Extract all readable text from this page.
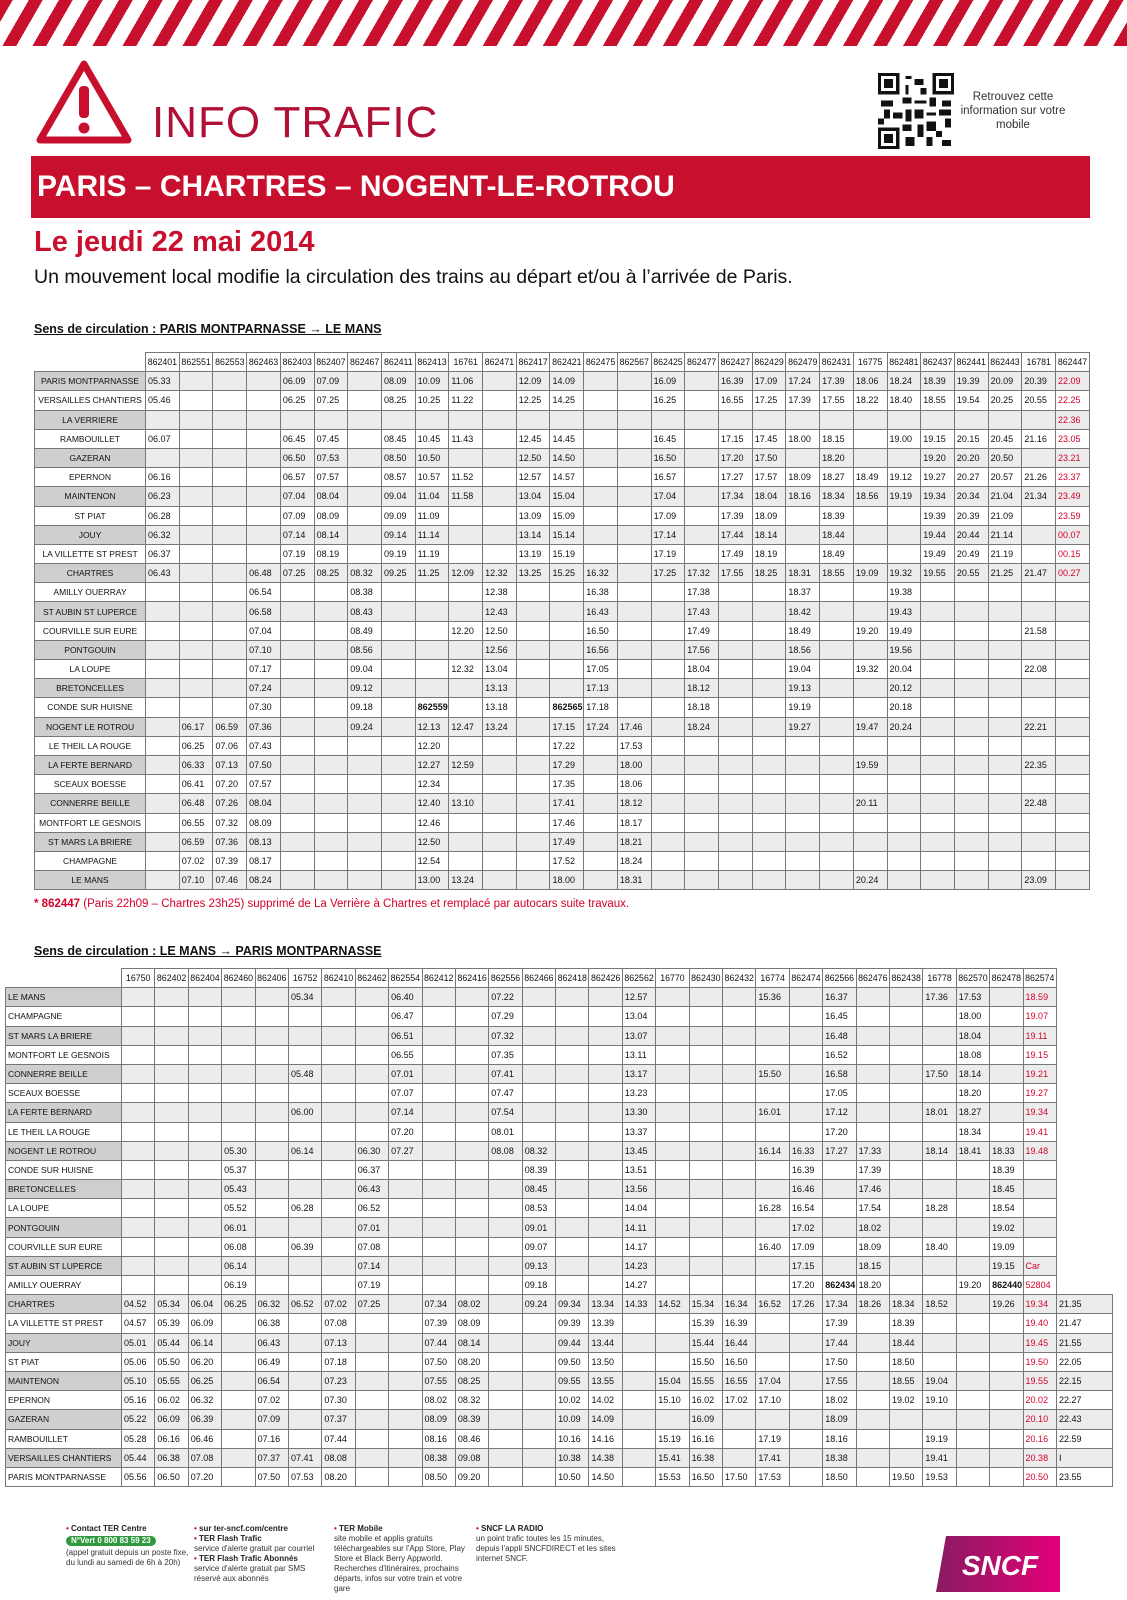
INFO TRAFIC
Retrouvez cette information sur votre mobile
PARIS – CHARTRES – NOGENT-LE-ROTROU
Le jeudi 22 mai 2014
Un mouvement local modifie la circulation des trains au départ et/ou à l’arrivée de Paris.
Sens de circulation : PARIS MONTPARNASSE → LE MANS
	862401	862551	862553	862463	862403	862407	862467	862411	862413	16761	862471	862417	862421	862475	862567	862425	862477	862427	862429	862479	862431	16775	862481	862437	862441	862443	16781	862447
PARIS MONTPARNASSE	05.33				06.09	07.09		08.09	10.09	11.06		12.09	14.09			16.09		16.39	17.09	17.24	17.39	18.06	18.24	18.39	19.39	20.09	20.39	22.09
VERSAILLES CHANTIERS	05.46				06.25	07.25		08.25	10.25	11.22		12.25	14.25			16.25		16.55	17.25	17.39	17.55	18.22	18.40	18.55	19.54	20.25	20.55	22.25
LA VERRIERE																												22.36
RAMBOUILLET	06.07				06.45	07.45		08.45	10.45	11.43		12.45	14.45			16.45		17.15	17.45	18.00	18.15		19.00	19.15	20.15	20.45	21.16	23.05
GAZERAN					06.50	07.53		08.50	10.50			12.50	14.50			16.50		17.20	17.50		18.20			19.20	20.20	20.50		23.21
EPERNON	06.16				06.57	07.57		08.57	10.57	11.52		12.57	14.57			16.57		17.27	17.57	18.09	18.27	18.49	19.12	19.27	20.27	20.57	21.26	23.37
MAINTENON	06.23				07.04	08.04		09.04	11.04	11.58		13.04	15.04			17.04		17.34	18.04	18.16	18.34	18.56	19.19	19.34	20.34	21.04	21.34	23.49
ST PIAT	06.28				07.09	08.09		09.09	11.09			13.09	15.09			17.09		17.39	18.09		18.39			19.39	20.39	21.09		23.59
JOUY	06.32				07.14	08.14		09.14	11.14			13.14	15.14			17.14		17.44	18.14		18.44			19.44	20.44	21.14		00.07
LA VILLETTE ST PREST	06.37				07.19	08.19		09.19	11.19			13.19	15.19			17.19		17.49	18.19		18.49			19.49	20.49	21.19		00.15
CHARTRES	06.43			06.48	07.25	08.25	08.32	09.25	11.25	12.09	12.32	13.25	15.25	16.32		17.25	17.32	17.55	18.25	18.31	18.55	19.09	19.32	19.55	20.55	21.25	21.47	00.27
AMILLY OUERRAY				06.54			08.38				12.38			16.38			17.38			18.37			19.38					
ST AUBIN ST LUPERCE				06.58			08.43				12.43			16.43			17.43			18.42			19.43					
COURVILLE SUR EURE				07.04			08.49			12.20	12.50			16.50			17.49			18.49		19.20	19.49				21.58	
PONTGOUIN				07.10			08.56				12.56			16.56			17.56			18.56			19.56					
LA LOUPE				07.17			09.04			12.32	13.04			17.05			18.04			19.04		19.32	20.04				22.08	
BRETONCELLES				07.24			09.12				13.13			17.13			18.12			19.13			20.12					
CONDE SUR HUISNE				07.30			09.18		862559		13.18		862565	17.18			18.18			19.19			20.18					
NOGENT LE ROTROU		06.17	06.59	07.36			09.24		12.13	12.47	13.24		17.15	17.24	17.46		18.24			19.27		19.47	20.24				22.21	
LE THEIL LA ROUGE		06.25	07.06	07.43					12.20				17.22		17.53													
LA FERTE BERNARD		06.33	07.13	07.50					12.27	12.59			17.29		18.00							19.59					22.35	
SCEAUX BOESSE		06.41	07.20	07.57					12.34				17.35		18.06													
CONNERRE BEILLE		06.48	07.26	08.04					12.40	13.10			17.41		18.12							20.11					22.48	
MONTFORT LE GESNOIS		06.55	07.32	08.09					12.46				17.46		18.17													
ST MARS LA BRIERE		06.59	07.36	08.13					12.50				17.49		18.21													
CHAMPAGNE		07.02	07.39	08.17					12.54				17.52		18.24													
LE MANS		07.10	07.46	08.24					13.00	13.24			18.00		18.31							20.24					23.09	
* 862447 (Paris 22h09 – Chartres 23h25) supprimé de La Verrière à Chartres et remplacé par autocars suite travaux.
Sens de circulation : LE MANS → PARIS MONTPARNASSE
	16750	862402	862404	862460	862406	16752	862410	862462	862554	862412	862416	862556	862466	862418	862426	862562	16770	862430	862432	16774	862474	862566	862476	862438	16778	862570	862478	862574	
LE MANS						05.34			06.40			07.22				12.57				15.36		16.37			17.36	17.53		18.59	
CHAMPAGNE									06.47			07.29				13.04						16.45				18.00		19.07	
ST MARS LA BRIERE									06.51			07.32				13.07						16.48				18.04		19.11	
MONTFORT LE GESNOIS									06.55			07.35				13.11						16.52				18.08		19.15	
CONNERRE BEILLE						05.48			07.01			07.41				13.17				15.50		16.58			17.50	18.14		19.21	
SCEAUX BOESSE									07.07			07.47				13.23						17.05				18.20		19.27	
LA FERTE BERNARD						06.00			07.14			07.54				13.30				16.01		17.12			18.01	18.27		19.34	
LE THEIL LA ROUGE									07.20			08.01				13.37						17.20				18.34		19.41	
NOGENT LE ROTROU				05.30		06.14		06.30	07.27			08.08	08.32			13.45				16.14	16.33	17.27	17.33		18.14	18.41	18.33	19.48	
CONDE SUR HUISNE				05.37				06.37					08.39			13.51					16.39		17.39				18.39		
BRETONCELLES				05.43				06.43					08.45			13.56					16.46		17.46				18.45		
LA LOUPE				05.52		06.28		06.52					08.53			14.04				16.28	16.54		17.54		18.28		18.54		
PONTGOUIN				06.01				07.01					09.01			14.11					17.02		18.02				19.02		
COURVILLE SUR EURE				06.08		06.39		07.08					09.07			14.17				16.40	17.09		18.09		18.40		19.09		
ST AUBIN ST LUPERCE				06.14				07.14					09.13			14.23					17.15		18.15				19.15	Car	
AMILLY OUERRAY				06.19				07.19					09.18			14.27					17.20	862434	18.20			19.20	862440	52804	
CHARTRES	04.52	05.34	06.04	06.25	06.32	06.52	07.02	07.25		07.34	08.02		09.24	09.34	13.34	14.33	14.52	15.34	16.34	16.52	17.26	17.34	18.26	18.34	18.52		19.26	19.34	21.35
LA VILLETTE ST PREST	04.57	05.39	06.09		06.38		07.08			07.39	08.09			09.39	13.39			15.39	16.39			17.39		18.39				19.40	21.47
JOUY	05.01	05.44	06.14		06.43		07.13			07.44	08.14			09.44	13.44			15.44	16.44			17.44		18.44				19.45	21.55
ST PIAT	05.06	05.50	06.20		06.49		07.18			07.50	08.20			09.50	13.50			15.50	16.50			17.50		18.50				19.50	22.05
MAINTENON	05.10	05.55	06.25		06.54		07.23			07.55	08.25			09.55	13.55		15.04	15.55	16.55	17.04		17.55		18.55	19.04			19.55	22.15
EPERNON	05.16	06.02	06.32		07.02		07.30			08.02	08.32			10.02	14.02		15.10	16.02	17.02	17.10		18.02		19.02	19.10			20.02	22.27
GAZERAN	05.22	06.09	06.39		07.09		07.37			08.09	08.39			10.09	14.09			16.09				18.09						20.10	22.43
RAMBOUILLET	05.28	06.16	06.46		07.16		07.44			08.16	08.46			10.16	14.16		15.19	16.16		17.19		18.16			19.19			20.16	22.59
VERSAILLES CHANTIERS	05.44	06.38	07.08		07.37	07.41	08.08			08.38	09.08			10.38	14.38		15.41	16.38		17.41		18.38			19.41			20.38	I
PARIS MONTPARNASSE	05.56	06.50	07.20		07.50	07.53	08.20			08.50	09.20			10.50	14.50		15.53	16.50	17.50	17.53		18.50		19.50	19.53			20.50	23.55
• Contact TER Centre
N°Vert 0 800 83 59 23
(appel gratuit depuis un poste fixe, du lundi au samedi de 6h à 20h)
• sur ter-sncf.com/centre
• TER Flash Trafic
service d'alerte gratuit par courriel
• TER Flash Trafic Abonnés
service d'alerte gratuit par SMS réservé aux abonnés
• TER Mobile
site mobile et applis gratuits téléchargeables sur l'App Store, Play Store et Black Berry Appworld. Recherches d'itinéraires, prochains départs, infos sur votre train et votre gare
• SNCF LA RADIO
un point trafic toutes les 15 minutes, depuis l'appli SNCFDIRECT et les sites internet SNCF.	SNCF
